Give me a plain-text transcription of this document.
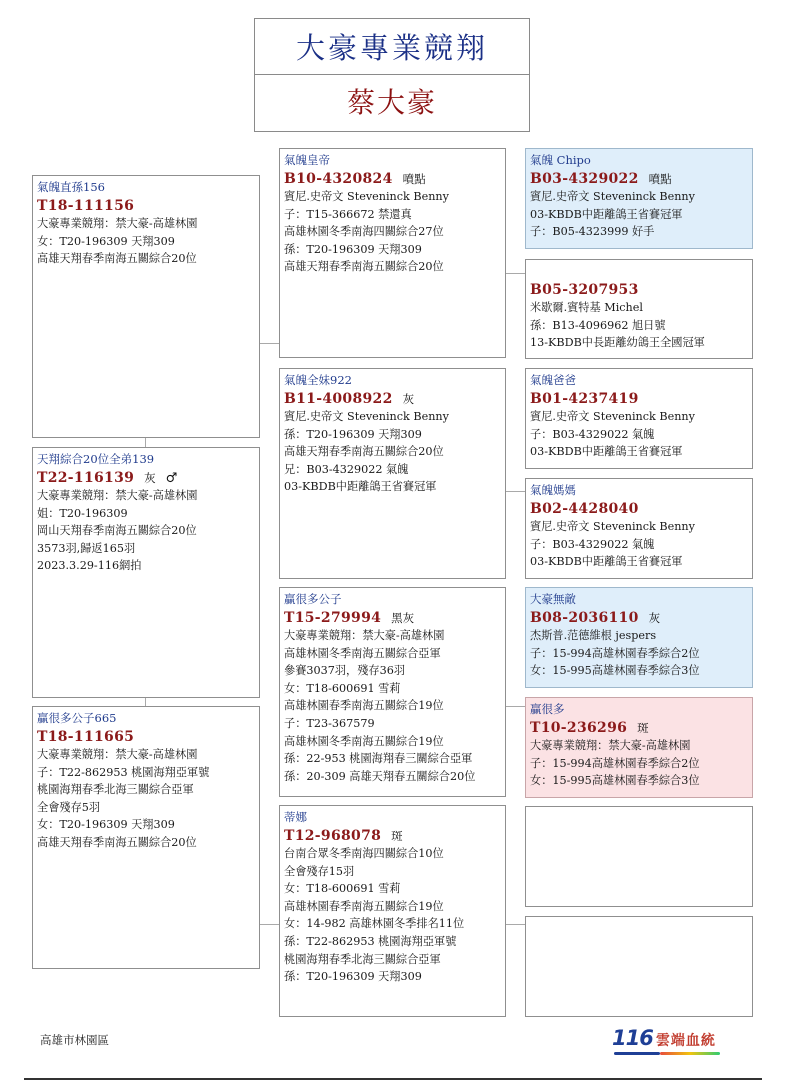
大豪專業競翔
蔡大豪
氣魄直孫156
T18-111156
大豪專業競翔：禁大豪-高雄林園
女：T20-196309 天翔309
高雄天翔春季南海五關綜合20位
天翔綜合20位全弟139
T22-116139 灰 ♂
大豪專業競翔：禁大豪-高雄林園
姐：T20-196309
岡山天翔春季南海五關綜合20位
3573羽,歸返165羽
2023.3.29-116網拍
贏很多公子665
T18-111665
大豪專業競翔：禁大豪-高雄林園
子：T22-862953 桃園海翔亞軍號
桃園海翔春季北海三關綜合亞軍
全會殘存5羽
女：T20-196309 天翔309
高雄天翔春季南海五關綜合20位
氣魄皇帝
B10-4320824 噴點
賓尼.史帝文 Steveninck Benny
子：T15-366672 禁還真
高雄林園冬季南海四關綜合27位
孫：T20-196309 天翔309
高雄天翔春季南海五關綜合20位
氣魄全妹922
B11-4008922 灰
賓尼.史帝文 Steveninck Benny
孫：T20-196309 天翔309
高雄天翔春季南海五關綜合20位
兄：B03-4329022 氣魄
03-KBDB中距離鴿王省賽冠軍
贏很多公子
T15-279994 黑灰
大豪專業競翔：禁大豪-高雄林園
高雄林園冬季南海五關綜合亞軍
參賽3037羽，殘存36羽
女：T18-600691 雪莉
高雄林園春季南海五關綜合19位
子：T23-367579
高雄林園冬季南海五關綜合19位
孫：22-953 桃園海翔春三關綜合亞軍
孫：20-309 高雄天翔春五關綜合20位
蒂娜
T12-968078 斑
台南合眾冬季南海四關綜合10位
全會殘存15羽
女：T18-600691 雪莉
高雄林園春季南海五關綜合19位
女：14-982 高雄林園冬季排名11位
孫：T22-862953 桃園海翔亞軍號
桃園海翔春季北海三關綜合亞軍
孫：T20-196309 天翔309
氣魄 Chipo
B03-4329022 噴點
賓尼.史帝文 Steveninck Benny
03-KBDB中距離鴿王省賽冠軍
子：B05-4323999 好手
B05-3207953
米歇爾.賓特基 Michel
孫：B13-4096962 旭日號
13-KBDB中長距離幼鴿王全國冠軍
氣魄爸爸
B01-4237419
賓尼.史帝文 Steveninck Benny
子：B03-4329022 氣魄
03-KBDB中距離鴿王省賽冠軍
氣魄媽媽
B02-4428040
賓尼.史帝文 Steveninck Benny
子：B03-4329022 氣魄
03-KBDB中距離鴿王省賽冠軍
大豪無敵
B08-2036110 灰
杰斯普.范德維根 jespers
子：15-994高雄林園春季綜合2位
女：15-995高雄林園春季綜合3位
贏很多
T10-236296 斑
大豪專業競翔：禁大豪-高雄林園
子：15-994高雄林園春季綜合2位
女：15-995高雄林園春季綜合3位
高雄市林園區	116 雲端血統
